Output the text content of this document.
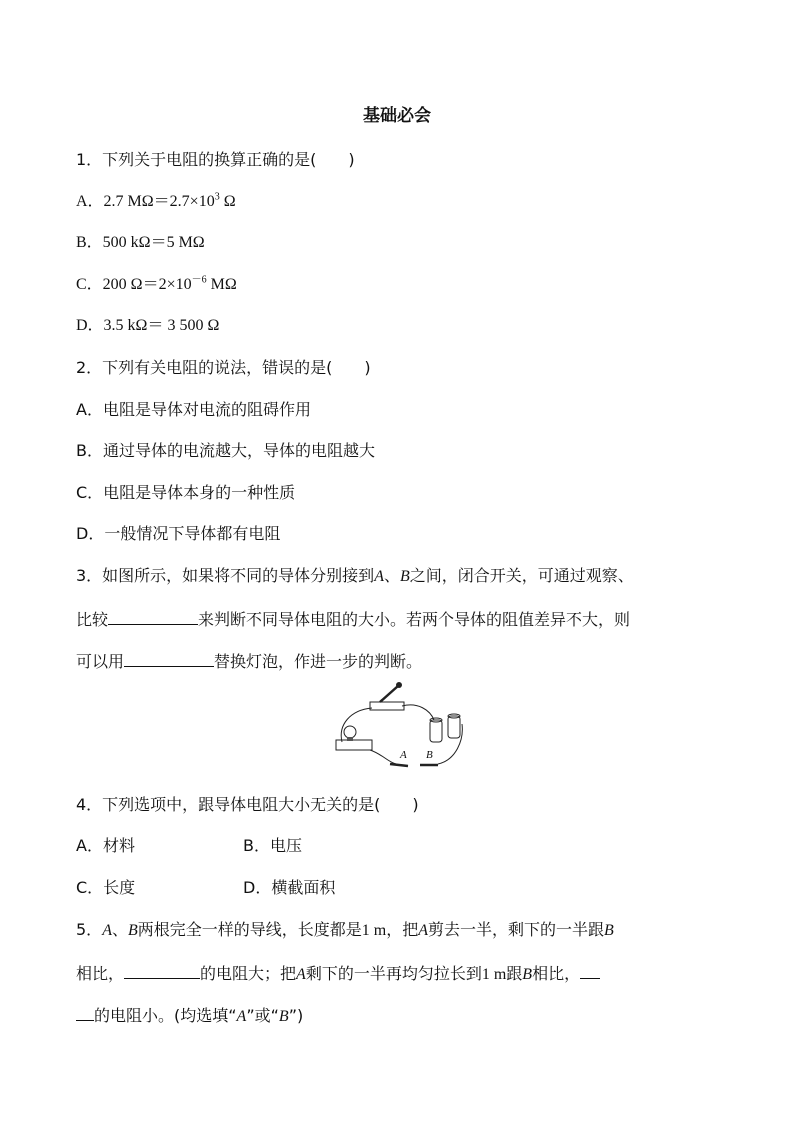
基础必会
1．下列关于电阻的换算正确的是(　　)
A．2.7 $M\Omega=2.7\times 10^3$ Ω
B．500 kΩ＝5 MΩ
C．200 $\Omega=2\times 10^{-6}$ MΩ
D．3.5 kΩ＝ 3 500 Ω
2．下列有关电阻的说法，错误的是(　　)
A．电阻是导体对电流的阻碍作用
B．通过导体的电流越大，导体的电阻越大
C．电阻是导体本身的一种性质
D．一般情况下导体都有电阻
3．如图所示，如果将不同的导体分别接到A、B之间，闭合开关，可通过观察、
比较	来判断不同导体电阻的大小。若两个导体的阻值差异不大，则
可以用	替换灯泡，作进一步的判断。
A B
4．下列选项中，跟导体电阻大小无关的是(　　)
A．材料	B．电压
C．长度	D．横截面积
5．A、B两根完全一样的导线，长度都是1 m，把A剪去一半，剩下的一半跟B
相比，	的电阻大；把A剩下的一半再均匀拉长到1 m跟B相比，
的电阻小。(均选填“A”或“B”)
